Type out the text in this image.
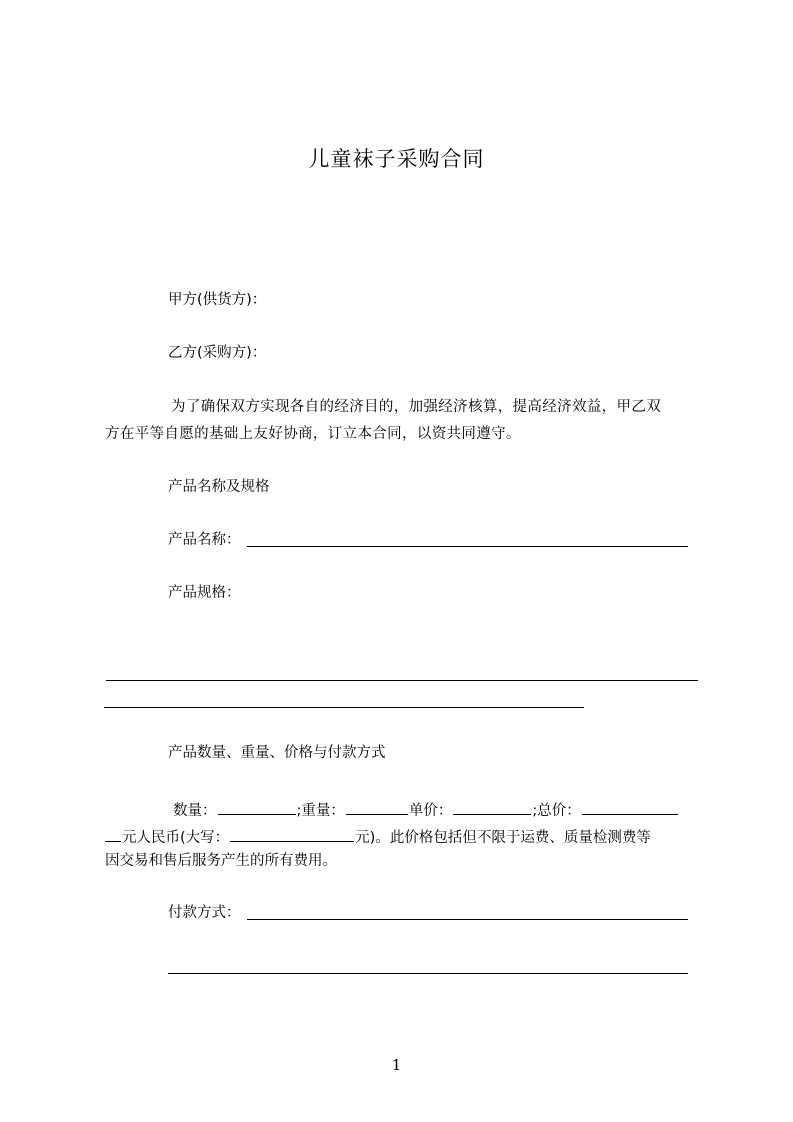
儿童袜子采购合同
甲方(供货方)：
乙方(采购方)：
为了确保双方实现各自的经济目的，加强经济核算，提高经济效益，甲乙双
方在平等自愿的基础上友好协商，订立本合同，以资共同遵守。
产品名称及规格
产品名称：
产品规格：
产品数量、重量、价格与付款方式
数量：	;重量：	单价：	;总价：
元人民币(大写：	元)。此价格包括但不限于运费、质量检测费等
因交易和售后服务产生的所有费用。
付款方式：
1
